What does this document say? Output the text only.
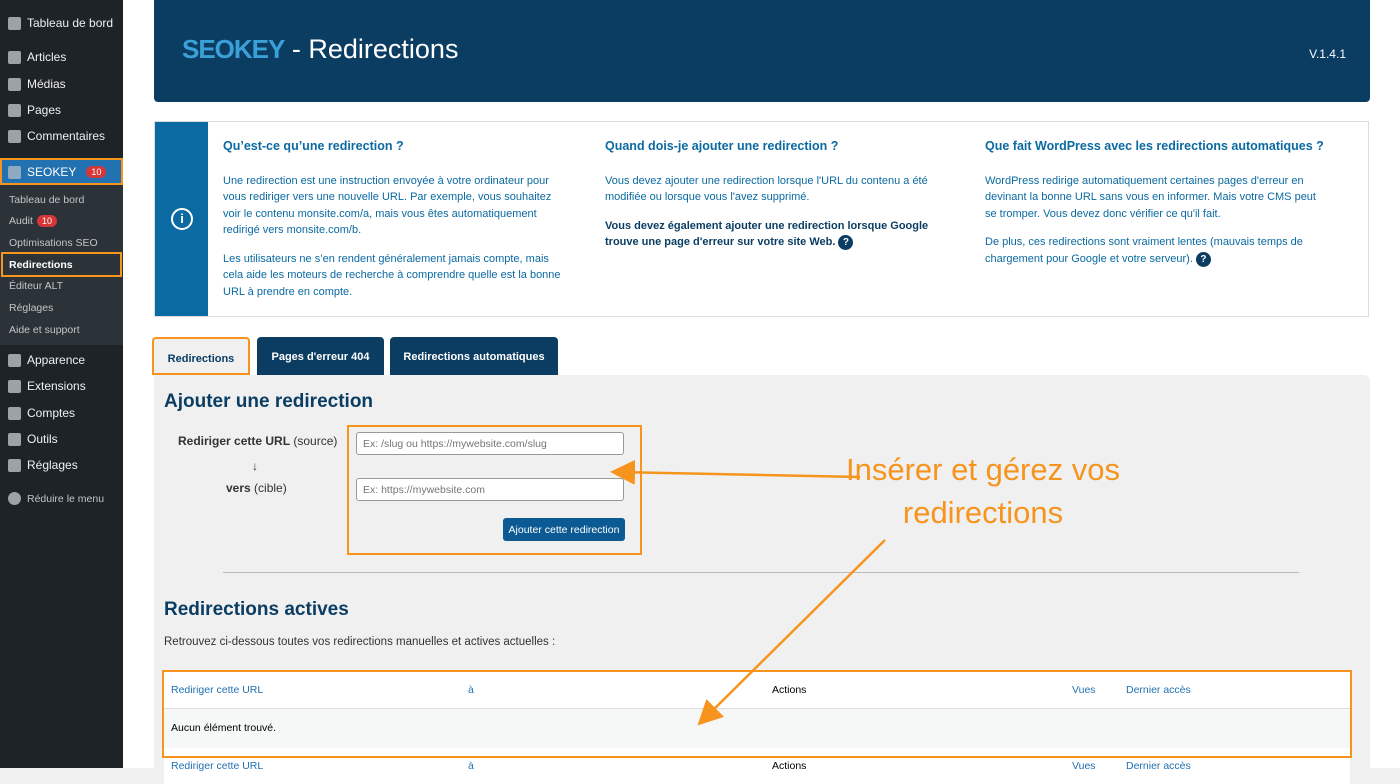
Tableau de bord
Articles
Médias
Pages
Commentaires
SEOKEY	10
Tableau de bord
Audit 10
Optimisations SEO
Redirections
Éditeur ALT
Réglages
Aide et support
Apparence
Extensions
Comptes
Outils
Réglages
Réduire le menu
SEOKEY - Redirections	V.1.4.1
i
Qu’est-ce qu’une redirection ?

Une redirection est une instruction envoyée à votre ordinateur pour vous rediriger vers une nouvelle URL. Par exemple, vous souhaitez voir le contenu monsite.com/a, mais vous êtes automatiquement redirigé vers monsite.com/b.

Les utilisateurs ne s’en rendent généralement jamais compte, mais cela aide les moteurs de recherche à comprendre quelle est la bonne URL à prendre en compte.

Quand dois-je ajouter une redirection ?

Vous devez ajouter une redirection lorsque l'URL du contenu a été modifiée ou lorsque vous l'avez supprimé.

Vous devez également ajouter une redirection lorsque Google trouve une page d'erreur sur votre site Web. ?

Que fait WordPress avec les redirections automatiques ?

WordPress redirige automatiquement certaines pages d'erreur en devinant la bonne URL sans vous en informer. Mais votre CMS peut se tromper. Vous devez donc vérifier ce qu'il fait.

De plus, ces redirections sont vraiment lentes (mauvais temps de chargement pour Google et votre serveur). ?

Redirections	Pages d'erreur 404	Redirections automatiques
Ajouter une redirection
Rediriger cette URL (source)
↓
vers (cible)
Ex: /slug ou https://mywebsite.com/slug
Ex: https://mywebsite.com
Ajouter cette redirection
Redirections actives
Retrouvez ci-dessous toutes vos redirections manuelles et actives actuelles :
Rediriger cette URL	à	Actions	Vues	Dernier accès
Aucun élément trouvé.				
Rediriger cette URL	à	Actions	Vues	Dernier accès
Insérer et gérez vos redirections
